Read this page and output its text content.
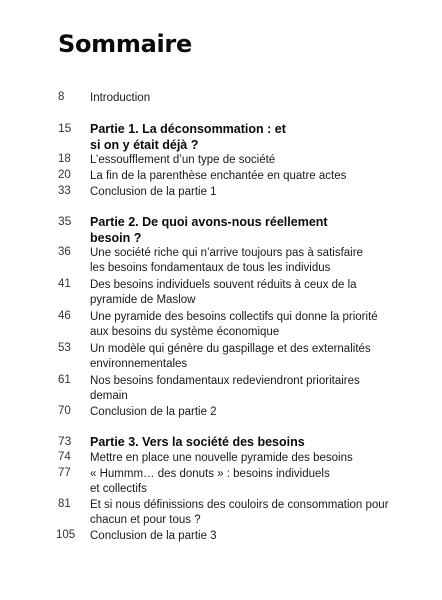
Sommaire
8	Introduction
15	Partie 1. La déconsommation : et si on y était déjà ?
18	L’essoufflement d’un type de société
20	La fin de la parenthèse enchantée en quatre actes
33	Conclusion de la partie 1
35	Partie 2. De quoi avons-nous réellement besoin ?
36	Une société riche qui n’arrive toujours pas à satisfaire les besoins fondamentaux de tous les individus
41	Des besoins individuels souvent réduits à ceux de la pyramide de Maslow
46	Une pyramide des besoins collectifs qui donne la priorité aux besoins du système économique
53	Un modèle qui génère du gaspillage et des externalités environnementales
61	Nos besoins fondamentaux redeviendront prioritaires demain
70	Conclusion de la partie 2
73	Partie 3. Vers la société des besoins
74	Mettre en place une nouvelle pyramide des besoins
77	« Hummm… des donuts » : besoins individuels et collectifs
81	Et si nous définissions des couloirs de consommation pour chacun et pour tous ?
105	Conclusion de la partie 3
